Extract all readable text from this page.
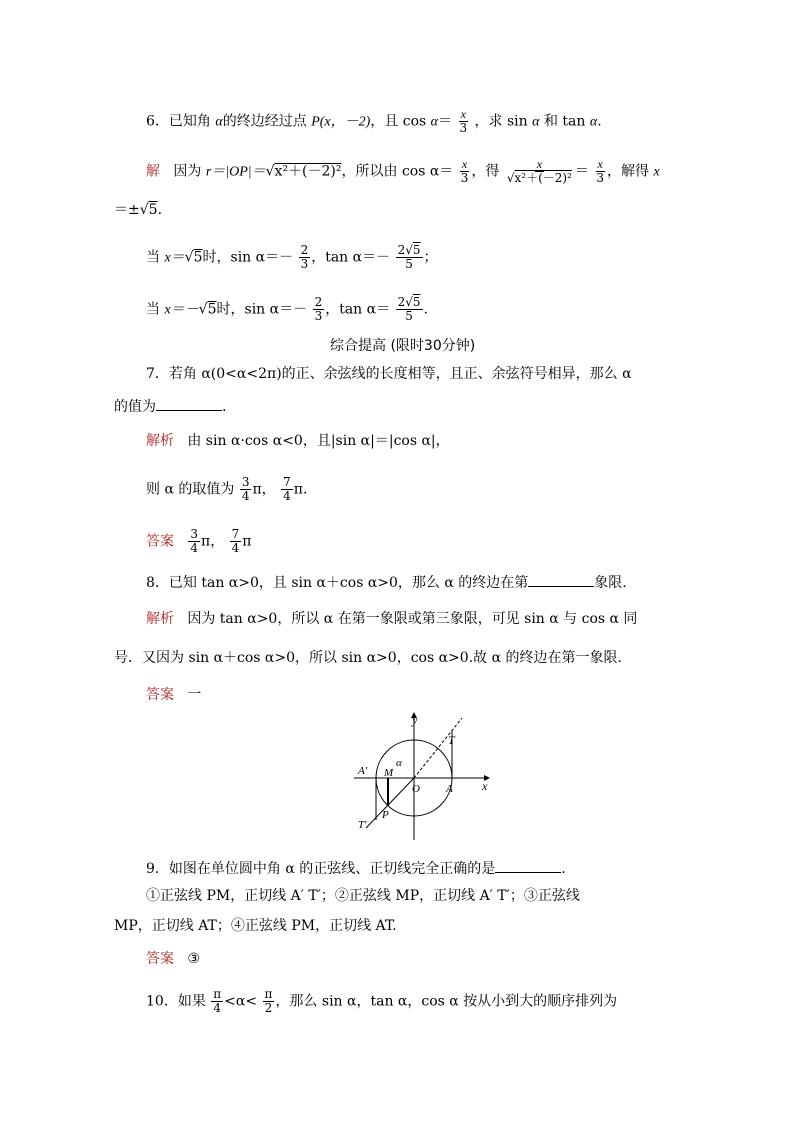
6．已知角 α的终边经过点 P(x，－2)，且 $\cos \alpha= \frac{x}{3}$ ，求 sin α 和 tan α.
解 因为 r＝|OP|＝√x²＋(－2)²，所以由 $\cos \alpha= \frac{x}{3}$ ，得 $\frac{x}{\text{√x²＋(－2)²}} = \frac{x}{3}$ ，解得 x
＝±√5.
当 x＝√5时，$\sin \alpha=- \frac{2}{3}$ ，$\tan \alpha=- \frac{2√5}{5}$ ；
当 x＝－√5时，$\sin \alpha=- \frac{2}{3}$ ，$\tan \alpha= \frac{2√5}{5}$ .
综合提高 (限时30分钟)
7．若角 α(0<α<2π)的正、余弦线的长度相等，且正、余弦符号相异，那么 α
的值为	.
解析 由 sin α·cos α<0，且|sin α|＝|cos α|，
则 α 的取值为 $\frac{3}{4}$ π， $\frac{7}{4} \pi$.
答案 $\frac{3}{4}$ π， $\frac{7}{4}$ π
8．已知 tan α>0，且 sin α＋cos α>0，那么 α 的终边在第	象限.
解析 因为 tan α>0，所以 α 在第一象限或第三象限，可见 sin α 与 cos α 同
号．又因为 sin α＋cos α>0，所以 sin α>0，cos α>0.故 α 的终边在第一象限．
答案 一
y
x
T
A′ M
α
O A
T′
P
9．如图在单位圆中角 α 的正弦线、正切线完全正确的是	.
①正弦线 PM，正切线 A′ T′；②正弦线 MP，正切线 A′ T′；③正弦线
MP，正切线 AT；④正弦线 PM，正切线 AT.
答案 ③
10．如果 $\frac{\pi}{4} <\alpha< \frac{\pi}{2}$ ，那么 sin α，tan α，cos α 按从小到大的顺序排列为
